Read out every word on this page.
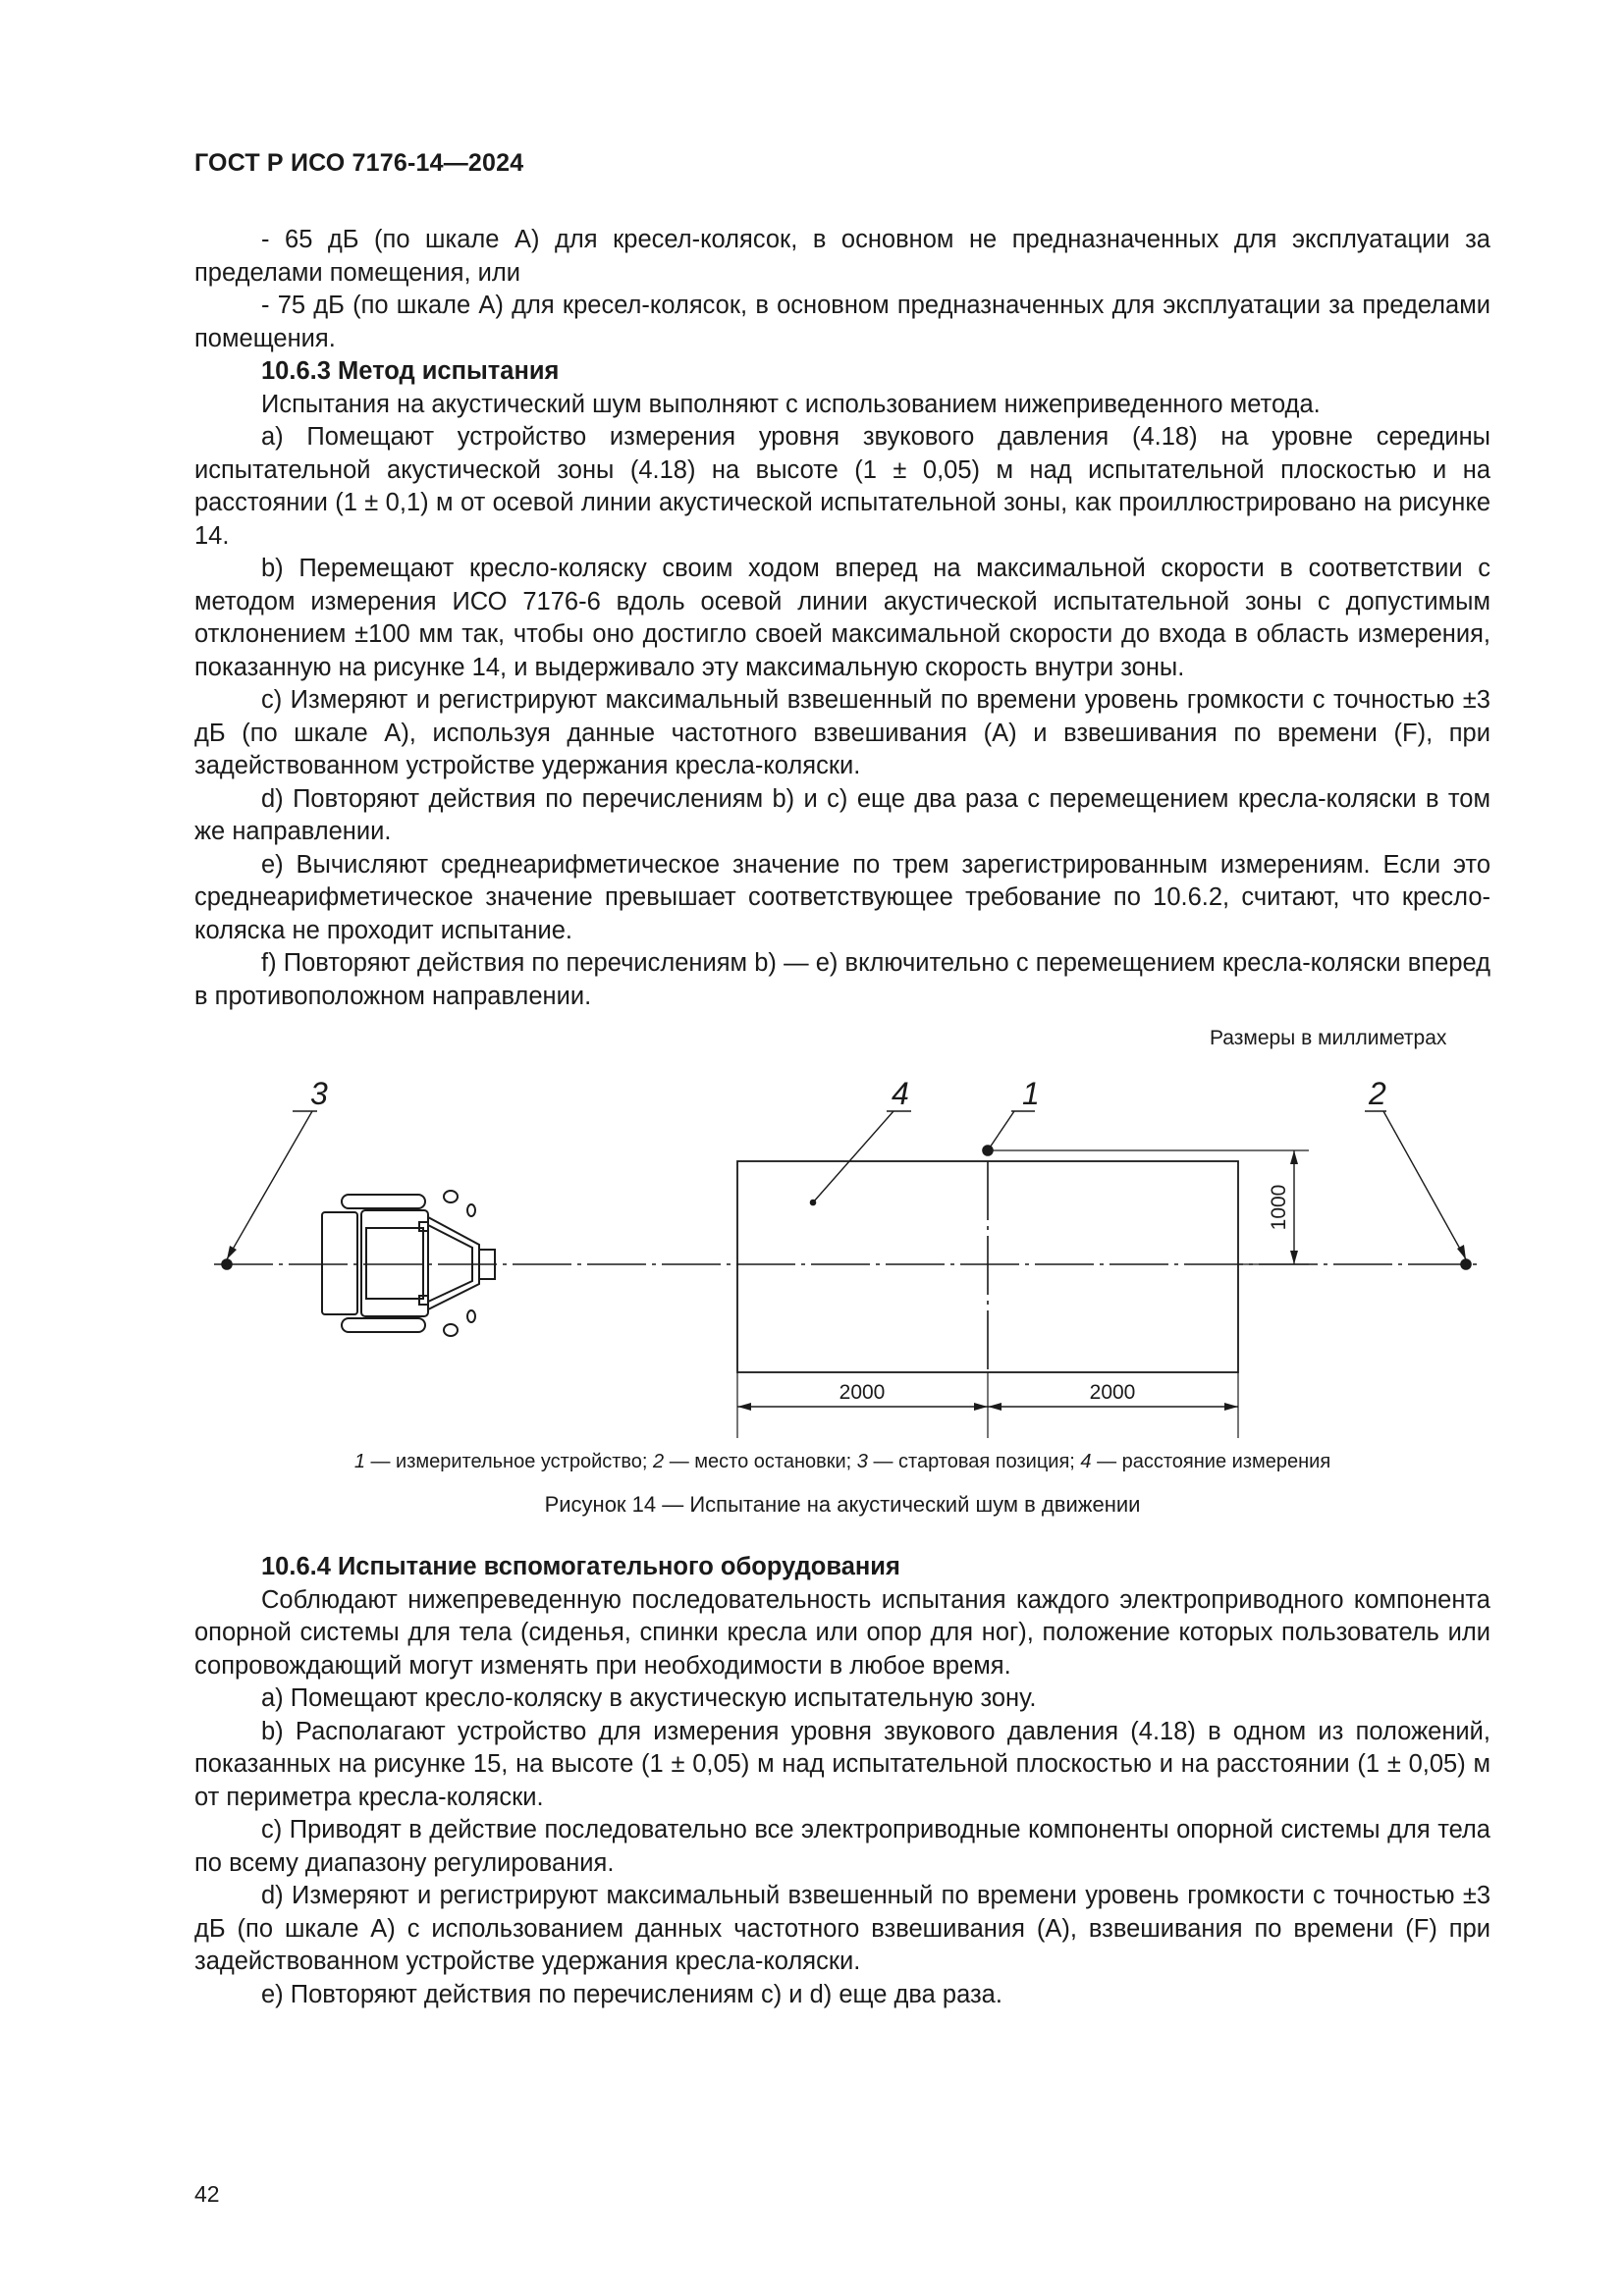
ГОСТ Р ИСО 7176-14—2024

- 65 дБ (по шкале А) для кресел-колясок, в основном не предназначенных для эксплуатации за пределами помещения, или

- 75 дБ (по шкале А) для кресел-колясок, в основном предназначенных для эксплуатации за пределами помещения.

10.6.3 Метод испытания

Испытания на акустический шум выполняют с использованием нижеприведенного метода.

а) Помещают устройство измерения уровня звукового давления (4.18) на уровне середины испытательной акустической зоны (4.18) на высоте (1 ± 0,05) м над испытательной плоскостью и на расстоянии (1 ± 0,1) м от осевой линии акустической испытательной зоны, как проиллюстрировано на рисунке 14.

b) Перемещают кресло-коляску своим ходом вперед на максимальной скорости в соответствии с методом измерения ИСО 7176-6 вдоль осевой линии акустической испытательной зоны с допустимым отклонением ±100 мм так, чтобы оно достигло своей максимальной скорости до входа в область измерения, показанную на рисунке 14, и выдерживало эту максимальную скорость внутри зоны.

c) Измеряют и регистрируют максимальный взвешенный по времени уровень громкости с точностью ±3 дБ (по шкале А), используя данные частотного взвешивания (А) и взвешивания по времени (F), при задействованном устройстве удержания кресла-коляски.

d) Повторяют действия по перечислениям b) и c) еще два раза с перемещением кресла-коляски в том же направлении.

e) Вычисляют среднеарифметическое значение по трем зарегистрированным измерениям. Если это среднеарифметическое значение превышает соответствующее требование по 10.6.2, считают, что кресло-коляска не проходит испытание.

f) Повторяют действия по перечислениям b) — e) включительно с перемещением кресла-коляски вперед в противоположном направлении.

Размеры в миллиметрах
3	4	1	2
2000	2000
1000
1 — измерительное устройство; 2 — место остановки; 3 — стартовая позиция; 4 — расстояние измерения
Рисунок 14 — Испытание на акустический шум в движении

10.6.4 Испытание вспомогательного оборудования

Соблюдают нижепреведенную последовательность испытания каждого электроприводного компонента опорной системы для тела (сиденья, спинки кресла или опор для ног), положение которых пользователь или сопровождающий могут изменять при необходимости в любое время.

а) Помещают кресло-коляску в акустическую испытательную зону.

b) Располагают устройство для измерения уровня звукового давления (4.18) в одном из положений, показанных на рисунке 15, на высоте (1 ± 0,05) м над испытательной плоскостью и на расстоянии (1 ± 0,05) м от периметра кресла-коляски.

c) Приводят в действие последовательно все электроприводные компоненты опорной системы для тела по всему диапазону регулирования.

d) Измеряют и регистрируют максимальный взвешенный по времени уровень громкости с точностью ±3 дБ (по шкале А) с использованием данных частотного взвешивания (А), взвешивания по времени (F) при задействованном устройстве удержания кресла-коляски.

e) Повторяют действия по перечислениям c) и d) еще два раза.

42
